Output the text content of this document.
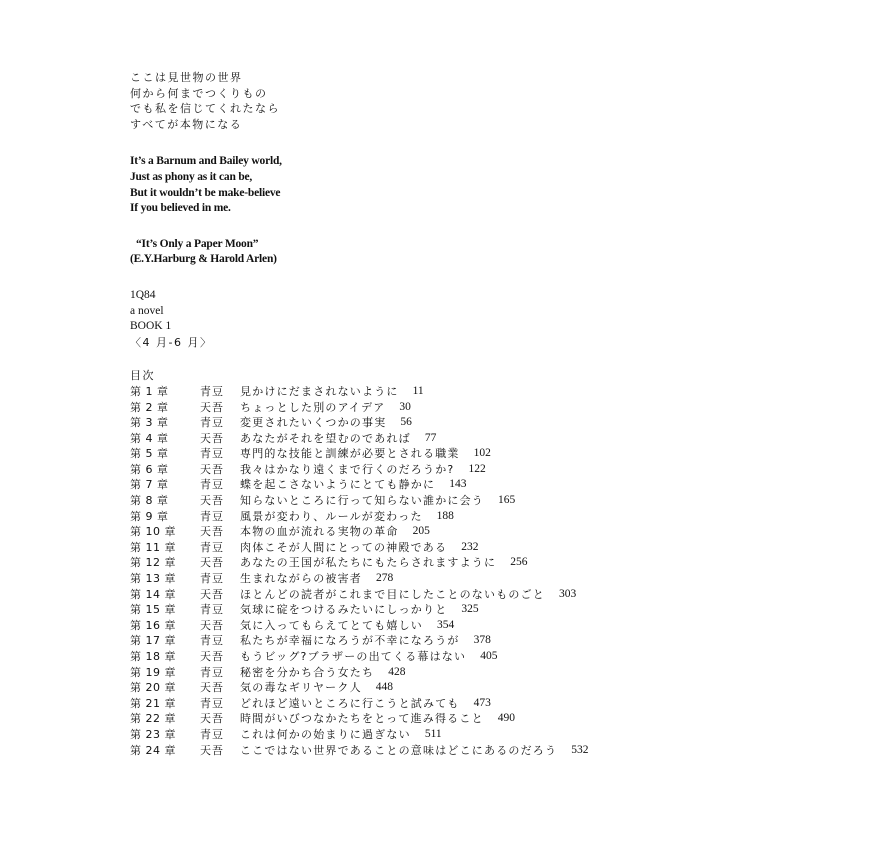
ここは見世物の世界
何から何までつくりもの
でも私を信じてくれたなら
すべてが本物になる
It’s a Barnum and Bailey world,
Just as phony as it can be,
But it wouldn’t be make-believe
If you believed in me.
“It’s Only a Paper Moon”
(E.Y.Harburg & Harold Arlen)
1Q84
a novel
BOOK 1
〈4 月-6 月〉
目次
第 1 章	青豆 見かけにだまされないように 11
第 2 章	天吾 ちょっとした別のアイデア 30
第 3 章	青豆 変更されたいくつかの事実 56
第 4 章	天吾 あなたがそれを望むのであれば 77
第 5 章	青豆 専門的な技能と訓練が必要とされる職業 102
第 6 章	天吾 我々はかなり遠くまで行くのだろうか? 122
第 7 章	青豆 蝶を起こさないようにとても静かに 143
第 8 章	天吾 知らないところに行って知らない誰かに会う 165
第 9 章	青豆 風景が変わり、ルールが変わった 188
第 10 章 天吾 本物の血が流れる実物の革命 205
第 11 章 青豆 肉体こそが人間にとっての神殿である 232
第 12 章 天吾 あなたの王国が私たちにもたらされますように 256
第 13 章 青豆 生まれながらの被害者 278
第 14 章 天吾 ほとんどの読者がこれまで目にしたことのないものごと 303
第 15 章 青豆 気球に碇をつけるみたいにしっかりと 325
第 16 章 天吾 気に入ってもらえてとても嬉しい 354
第 17 章 青豆 私たちが幸福になろうが不幸になろうが 378
第 18 章 天吾 もうビッグ?ブラザーの出てくる幕はない 405
第 19 章 青豆 秘密を分かち合う女たち 428
第 20 章 天吾 気の毒なギリヤーク人 448
第 21 章 青豆 どれほど遠いところに行こうと試みても 473
第 22 章 天吾 時間がいびつなかたちをとって進み得ること 490
第 23 章 青豆 これは何かの始まりに過ぎない 511
第 24 章 天吾 ここではない世界であることの意味はどこにあるのだろう 532
